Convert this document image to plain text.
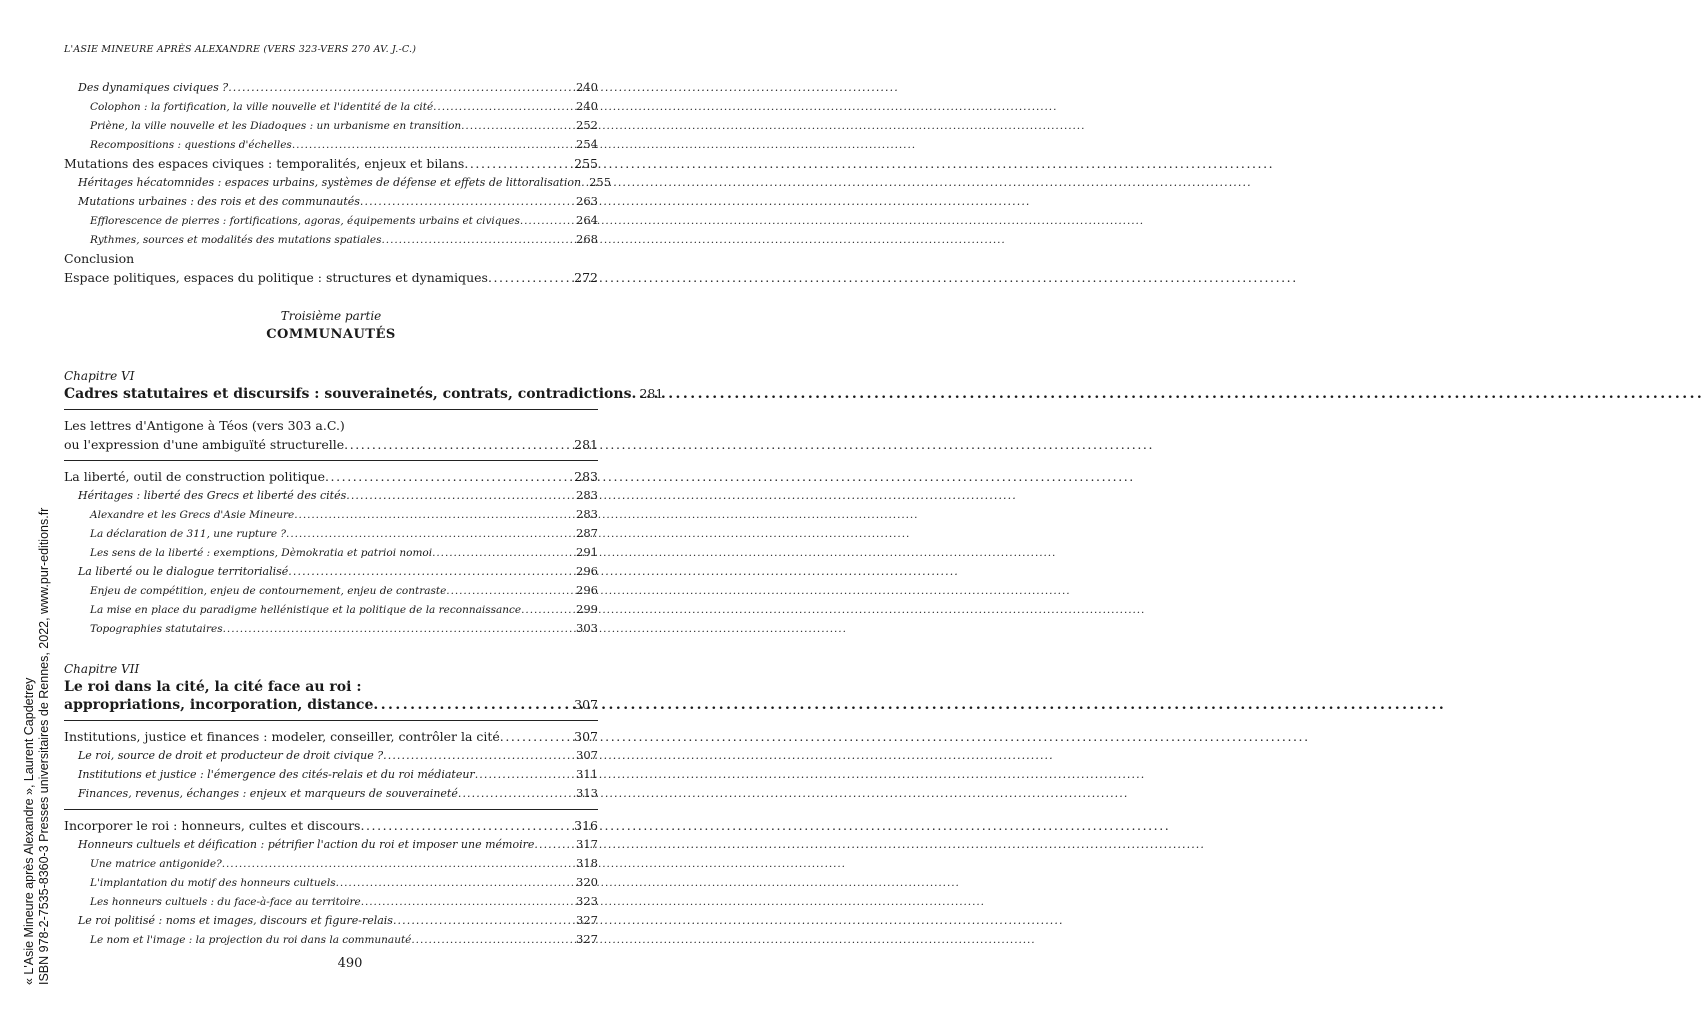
L'ASIE MINEURE APRÈS ALEXANDRE (VERS 323-VERS 270 AV. J.-C.)
Des dynamiques civiques ? . . .	240
Colophon : la fortification, la ville nouvelle et l'identité de la cité . . .	240
Priène, la ville nouvelle et les Diadoques : un urbanisme en transition . . .	252
Recompositions : questions d'échelles . . .	254
Mutations des espaces civiques : temporalités, enjeux et bilans . . .	255
Héritages hécatomnides : espaces urbains, systèmes de défense et effets de littoralisation . . . 255
Mutations urbaines : des rois et des communautés . . .	263
Efflorescence de pierres : fortifications, agoras, équipements urbains et civiques . . .	264
Rythmes, sources et modalités des mutations spatiales . . .	268
Conclusion
Espace politiques, espaces du politique : structures et dynamiques . . .	272
Troisième partie
COMMUNAUTÉS
Chapitre VI
Cadres statutaires et discursifs : souverainetés, contrats, contradictions . . . 281
Les lettres d'Antigone à Téos (vers 303 a.C.)
ou l'expression d'une ambiguïté structurelle . . .	281
La liberté, outil de construction politique . . .	283
Héritages : liberté des Grecs et liberté des cités . . .	283
Alexandre et les Grecs d'Asie Mineure . . .	283
La déclaration de 311, une rupture ? . . .	287
Les sens de la liberté : exemptions, Dèmokratia et patrioi nomoi . . .	291
La liberté ou le dialogue territorialisé . . .	296
Enjeu de compétition, enjeu de contournement, enjeu de contraste . . .	296
La mise en place du paradigme hellénistique et la politique de la reconnaissance . . .	299
Topographies statutaires . . .	303
Chapitre VII
Le roi dans la cité, la cité face au roi :
appropriations, incorporation, distance . . .	307
Institutions, justice et finances : modeler, conseiller, contrôler la cité . . .	307
Le roi, source de droit et producteur de droit civique ? . . .	307
Institutions et justice : l'émergence des cités-relais et du roi médiateur . . .	311
Finances, revenus, échanges : enjeux et marqueurs de souveraineté . . .	313
Incorporer le roi : honneurs, cultes et discours . . .	316
Honneurs cultuels et déification : pétrifier l'action du roi et imposer une mémoire . . .	317
Une matrice antigonide? . . .	318
L'implantation du motif des honneurs cultuels . . .	320
Les honneurs cultuels : du face-à-face au territoire . . .	323
Le roi politisé : noms et images, discours et figure-relais . . .	327
Le nom et l'image : la projection du roi dans la communauté . . .	327
490
« L'Asie Mineure après Alexandre », Laurent Capdetrey ISBN 978-2-7535-8360-3 Presses universitaires de Rennes, 2022, www.pur-editions.fr
